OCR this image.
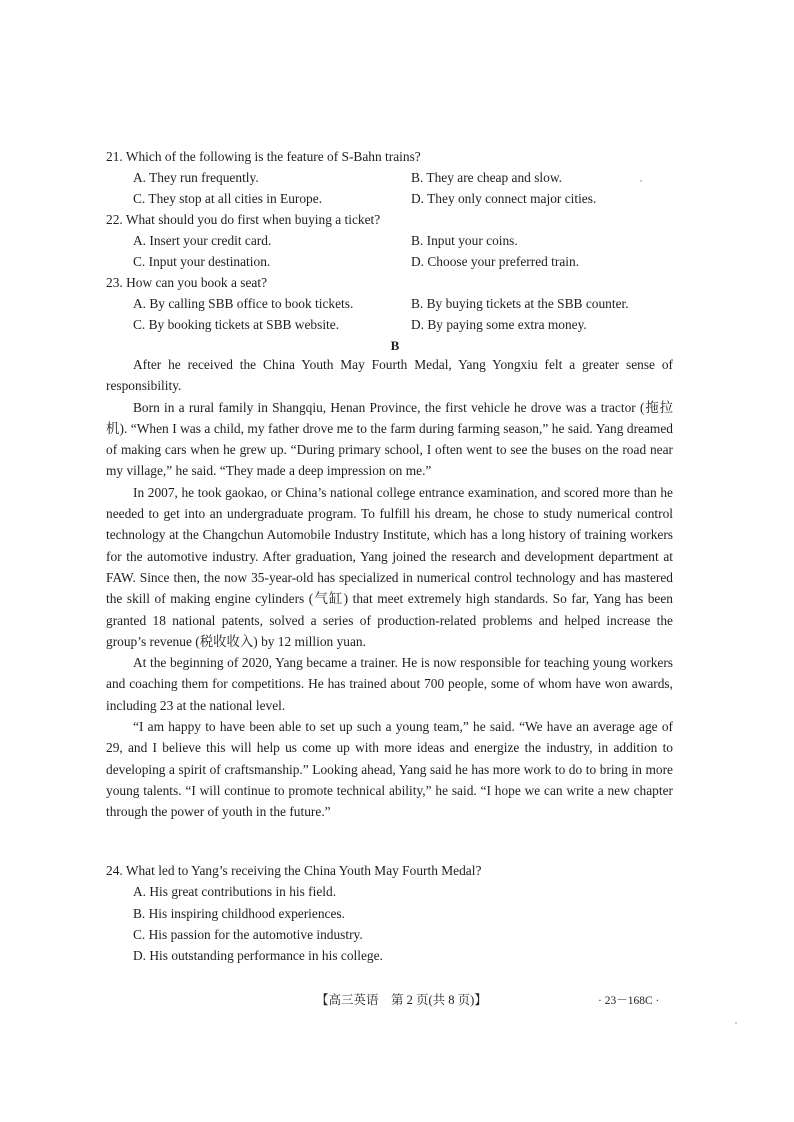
21. Which of the following is the feature of S-Bahn trains?
A. They run frequently.	B. They are cheap and slow.
C. They stop at all cities in Europe.	D. They only connect major cities.
22. What should you do first when buying a ticket?
A. Insert your credit card.	B. Input your coins.
C. Input your destination.	D. Choose your preferred train.
23. How can you book a seat?
A. By calling SBB office to book tickets.	B. By buying tickets at the SBB counter.
C. By booking tickets at SBB website.	D. By paying some extra money.
B

After he received the China Youth May Fourth Medal, Yang Yongxiu felt a greater sense of responsibility.

Born in a rural family in Shangqiu, Henan Province, the first vehicle he drove was a tractor (拖拉机). “When I was a child, my father drove me to the farm during farming season,” he said. Yang dreamed of making cars when he grew up. “During primary school, I often went to see the buses on the road near my village,” he said. “They made a deep impression on me.”

In 2007, he took gaokao, or China’s national college entrance examination, and scored more than he needed to get into an undergraduate program. To fulfill his dream, he chose to study numerical control technology at the Changchun Automobile Industry Institute, which has a long history of training workers for the automotive industry. After graduation, Yang joined the research and development department at FAW. Since then, the now 35-year-old has specialized in numerical control technology and has mastered the skill of making engine cylinders (气缸) that meet extremely high standards. So far, Yang has been granted 18 national patents, solved a series of production-related problems and helped increase the group’s revenue (税收收入) by 12 million yuan.

At the beginning of 2020, Yang became a trainer. He is now responsible for teaching young workers and coaching them for competitions. He has trained about 700 people, some of whom have won awards, including 23 at the national level.

“I am happy to have been able to set up such a young team,” he said. “We have an average age of 29, and I believe this will help us come up with more ideas and energize the industry, in addition to developing a spirit of craftsmanship.” Looking ahead, Yang said he has more work to do to bring in more young talents. “I will continue to promote technical ability,” he said. “I hope we can write a new chapter through the power of youth in the future.”

24. What led to Yang’s receiving the China Youth May Fourth Medal?

A. His great contributions in his field.

B. His inspiring childhood experiences.

C. His passion for the automotive industry.

D. His outstanding performance in his college.

【高三英语　第 2 页(共 8 页)】	· 23－168C ·
